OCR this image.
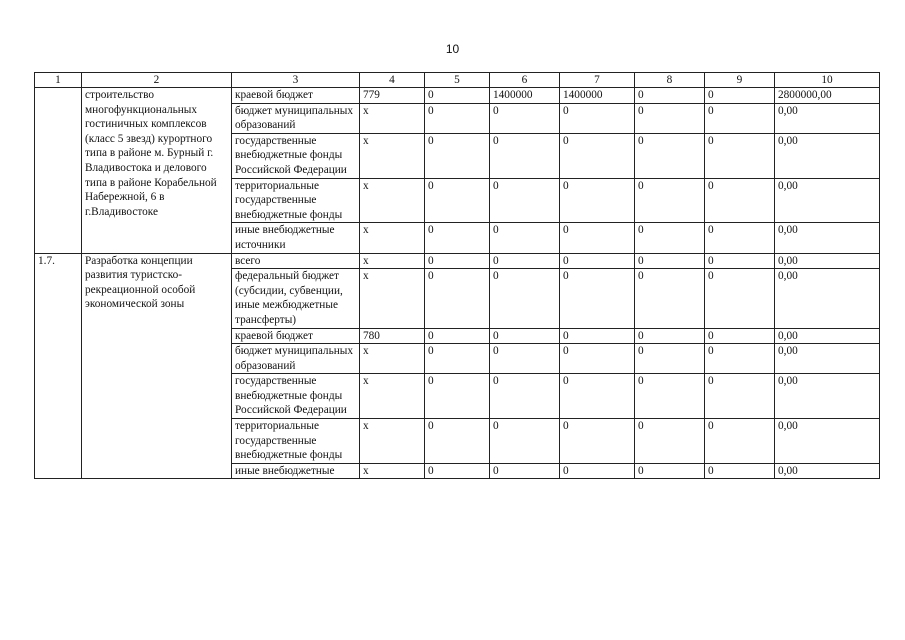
10
1	2	3	4	5	6	7	8	9	10
	строительство многофункциональных гостиничных комплексов (класс 5 звезд) курортного типа в районе м. Бурный г. Владивостока и делового типа в районе Корабельной Набережной, 6 в г.Владивостоке	краевой бюджет	779	0	1400000	1400000	0	0	2800000,00
		бюджет муниципальных образований	x	0	0	0	0	0	0,00
		государственные внебюджетные фонды Российской Федерации	x	0	0	0	0	0	0,00
		территориальные государственные внебюджетные фонды	x	0	0	0	0	0	0,00
		иные внебюджетные источники	x	0	0	0	0	0	0,00
1.7.	Разработка концепции развития туристско-рекреационной особой экономической зоны	всего	x	0	0	0	0	0	0,00
		федеральный бюджет (субсидии, субвенции, иные межбюджетные трансферты)	x	0	0	0	0	0	0,00
		краевой бюджет	780	0	0	0	0	0	0,00
		бюджет муниципальных образований	x	0	0	0	0	0	0,00
		государственные внебюджетные фонды Российской Федерации	x	0	0	0	0	0	0,00
		территориальные государственные внебюджетные фонды	x	0	0	0	0	0	0,00
		иные внебюджетные	x	0	0	0	0	0	0,00
